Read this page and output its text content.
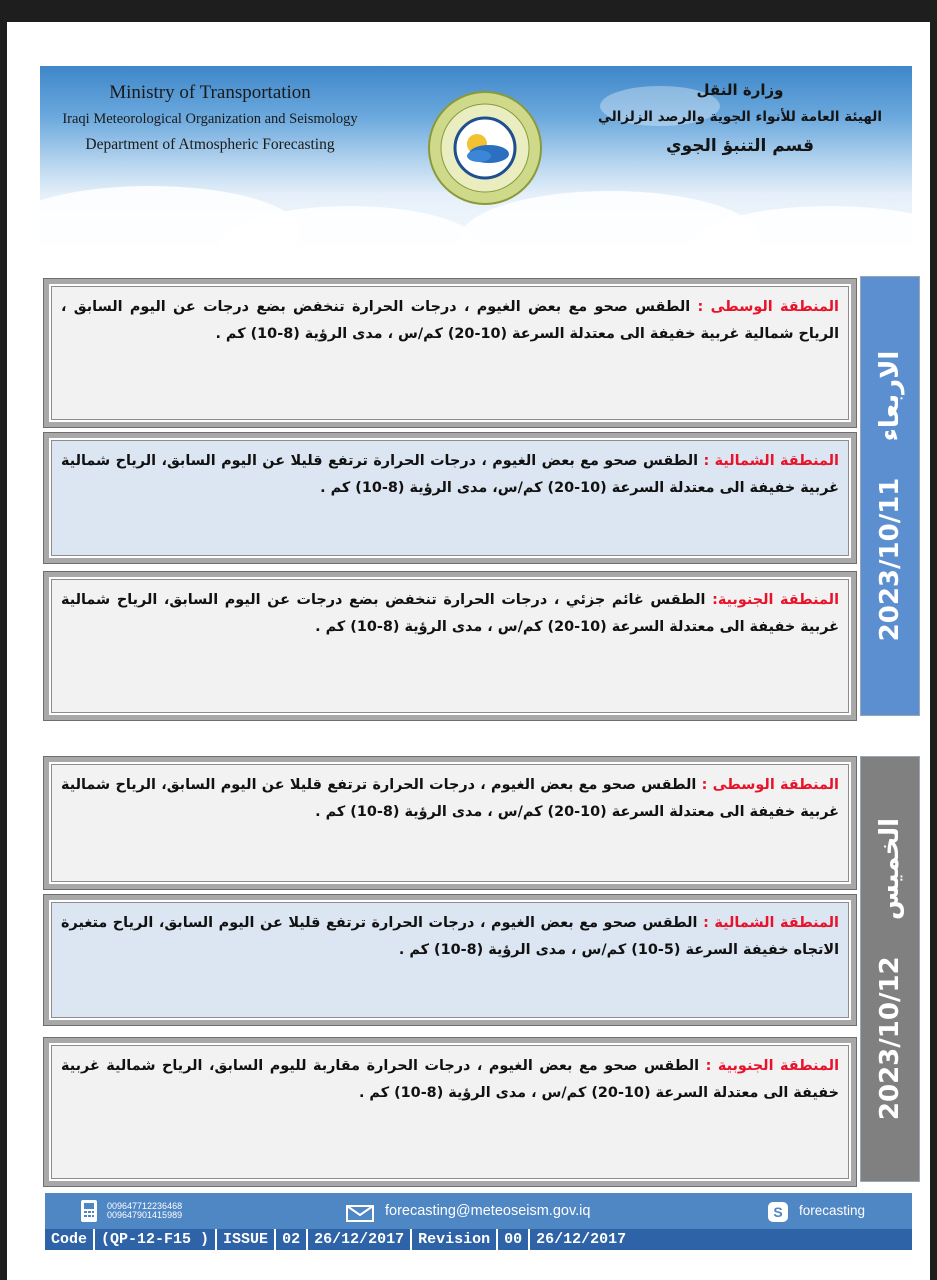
Ministry of Transportation
Iraqi Meteorological Organization and Seismology
Department of Atmospheric Forecasting
وزارة النقل
الهيئة العامة للأنواء الجوية والرصد الزلزالي
قسم التنبؤ الجوي
الاربعاء    2023/10/11
المنطقة الوسطى : الطقس صحو مع بعض الغيوم ، درجات الحرارة تنخفض بضع درجات عن اليوم السابق ، الرياح شمالية غربية خفيفة الى معتدلة السرعة (10-20) كم/س ، مدى الرؤية (8-10) كم .
المنطقة الشمالية : الطقس صحو مع بعض الغيوم ، درجات الحرارة ترتفع قليلا عن اليوم السابق، الرياح شمالية غربية خفيفة الى معتدلة السرعة (10-20) كم/س، مدى الرؤية (8-10) كم .
المنطقة الجنوبية: الطقس غائم جزئي ، درجات الحرارة تنخفض بضع درجات عن اليوم السابق، الرياح شمالية غربية خفيفة الى معتدلة السرعة (10-20) كم/س ، مدى الرؤية (8-10) كم .
الخميس    2023/10/12
المنطقة الوسطى : الطقس صحو مع بعض الغيوم ، درجات الحرارة ترتفع قليلا عن اليوم السابق، الرياح شمالية غربية خفيفة الى معتدلة السرعة (10-20) كم/س ، مدى الرؤية (8-10) كم .
المنطقة الشمالية : الطقس صحو مع بعض الغيوم ، درجات الحرارة ترتفع قليلا عن اليوم السابق، الرياح متغيرة الاتجاه خفيفة السرعة (5-10) كم/س ، مدى الرؤية (8-10) كم .
المنطقة الجنوبية : الطقس صحو مع بعض الغيوم ، درجات الحرارة مقاربة لليوم السابق، الرياح شمالية غربية خفيفة الى معتدلة السرعة (10-20) كم/س ، مدى الرؤية (8-10) كم .
009647712236468
009647901415989	forecasting@meteoseism.gov.iq	S	forecasting
Code (QP-12-F15 ) ISSUE 02 26/12/2017 Revision 00 26/12/2017
